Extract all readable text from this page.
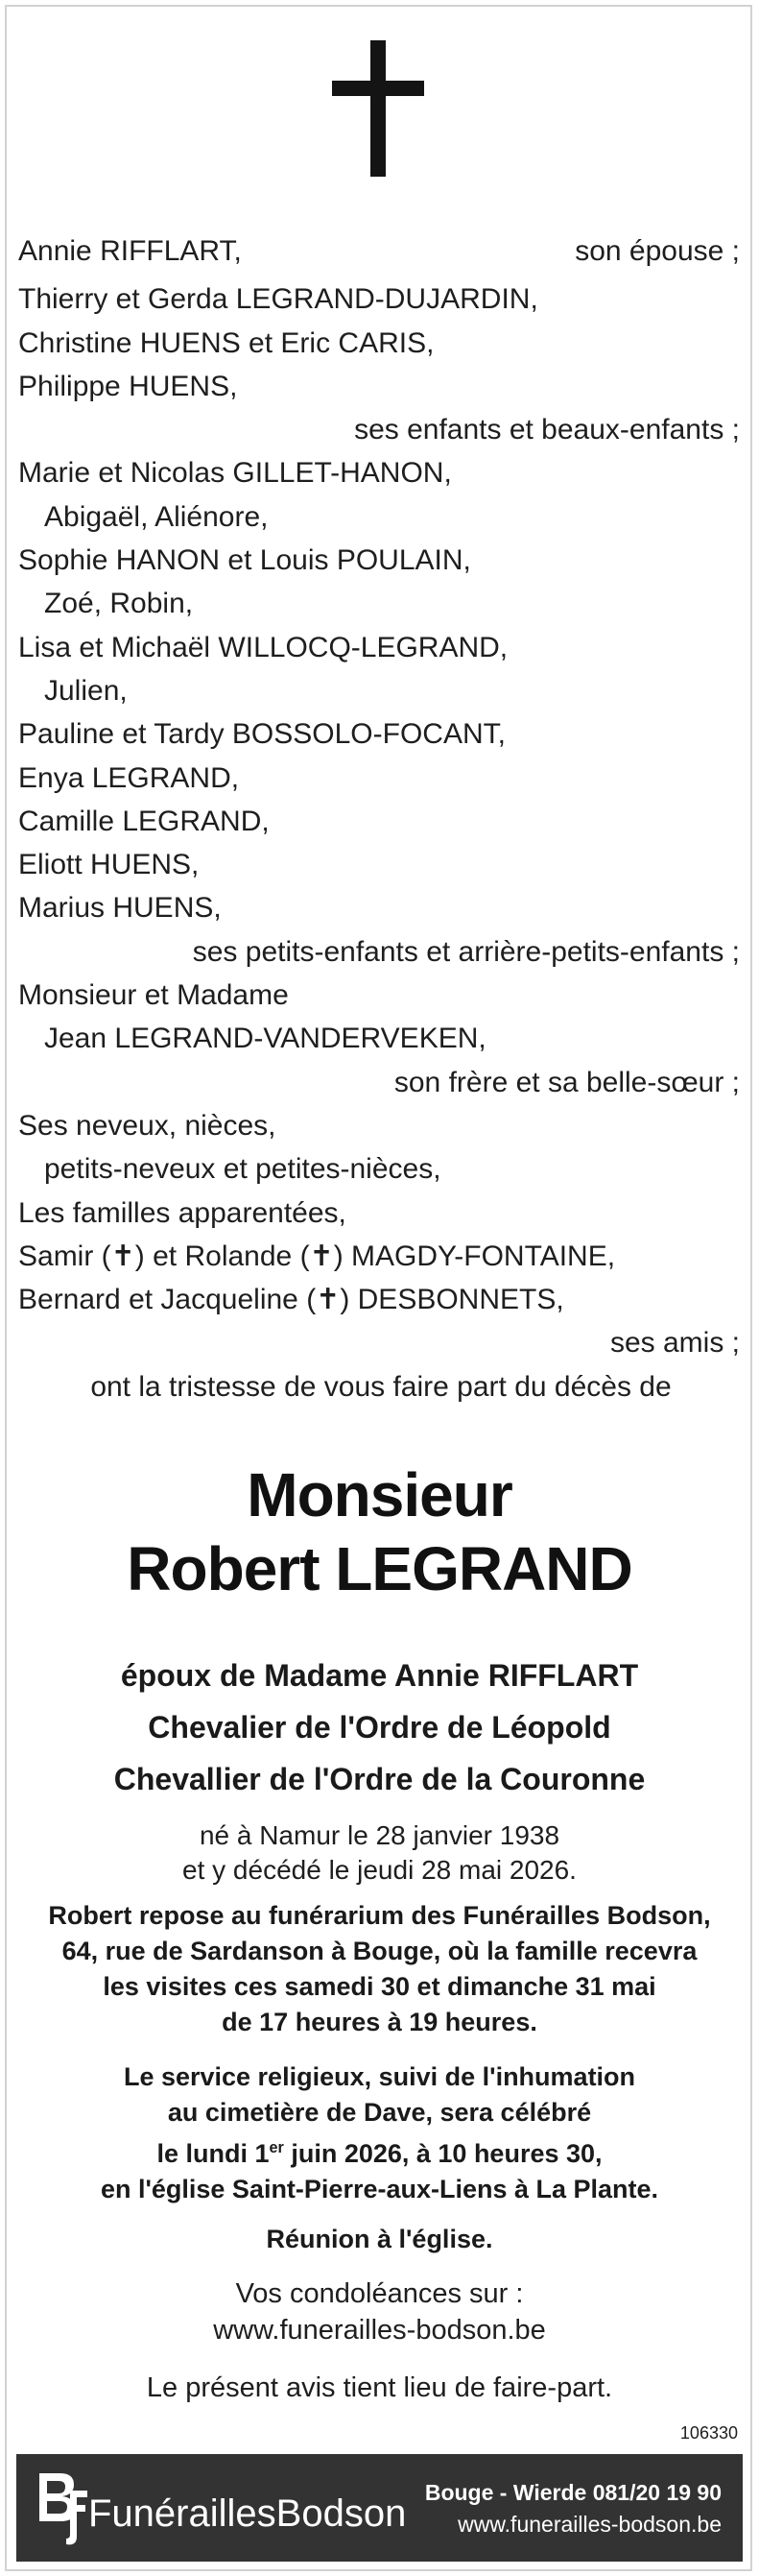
Annie RIFFLART,	son épouse ;
Thierry et Gerda LEGRAND-DUJARDIN,
Christine HUENS et Eric CARIS,
Philippe HUENS,
ses enfants et beaux-enfants ;
Marie et Nicolas GILLET-HANON,
Abigaël, Aliénore,
Sophie HANON et Louis POULAIN,
Zoé, Robin,
Lisa et Michaël WILLOCQ-LEGRAND,
Julien,
Pauline et Tardy BOSSOLO-FOCANT,
Enya LEGRAND,
Camille LEGRAND,
Eliott HUENS,
Marius HUENS,
ses petits-enfants et arrière-petits-enfants ;
Monsieur et Madame
Jean LEGRAND-VANDERVEKEN,
son frère et sa belle-sœur ;
Ses neveux, nièces,
petits-neveux et petites-nièces,
Les familles apparentées,
Samir (✝) et Rolande (✝) MAGDY-FONTAINE,
Bernard et Jacqueline (✝) DESBONNETS,
ses amis ;
ont la tristesse de vous faire part du décès de
Monsieur
Robert LEGRAND
époux de Madame Annie RIFFLART
Chevalier de l'Ordre de Léopold
Chevallier de l'Ordre de la Couronne
né à Namur le 28 janvier 1938
et y décédé le jeudi 28 mai 2026.
Robert repose au funérarium des Funérailles Bodson,
64, rue de Sardanson à Bouge, où la famille recevra
les visites ces samedi 30 et dimanche 31 mai
de 17 heures à 19 heures.
Le service religieux, suivi de l'inhumation
au cimetière de Dave, sera célébré
le lundi 1er juin 2026, à 10 heures 30,
en l'église Saint-Pierre-aux-Liens à La Plante.
Réunion à l'église.
Vos condoléances sur :
www.funerailles-bodson.be
Le présent avis tient lieu de faire-part.
106330
FunéraillesBodson Bouge - Wierde 081/20 19 90
www.funerailles-bodson.be
